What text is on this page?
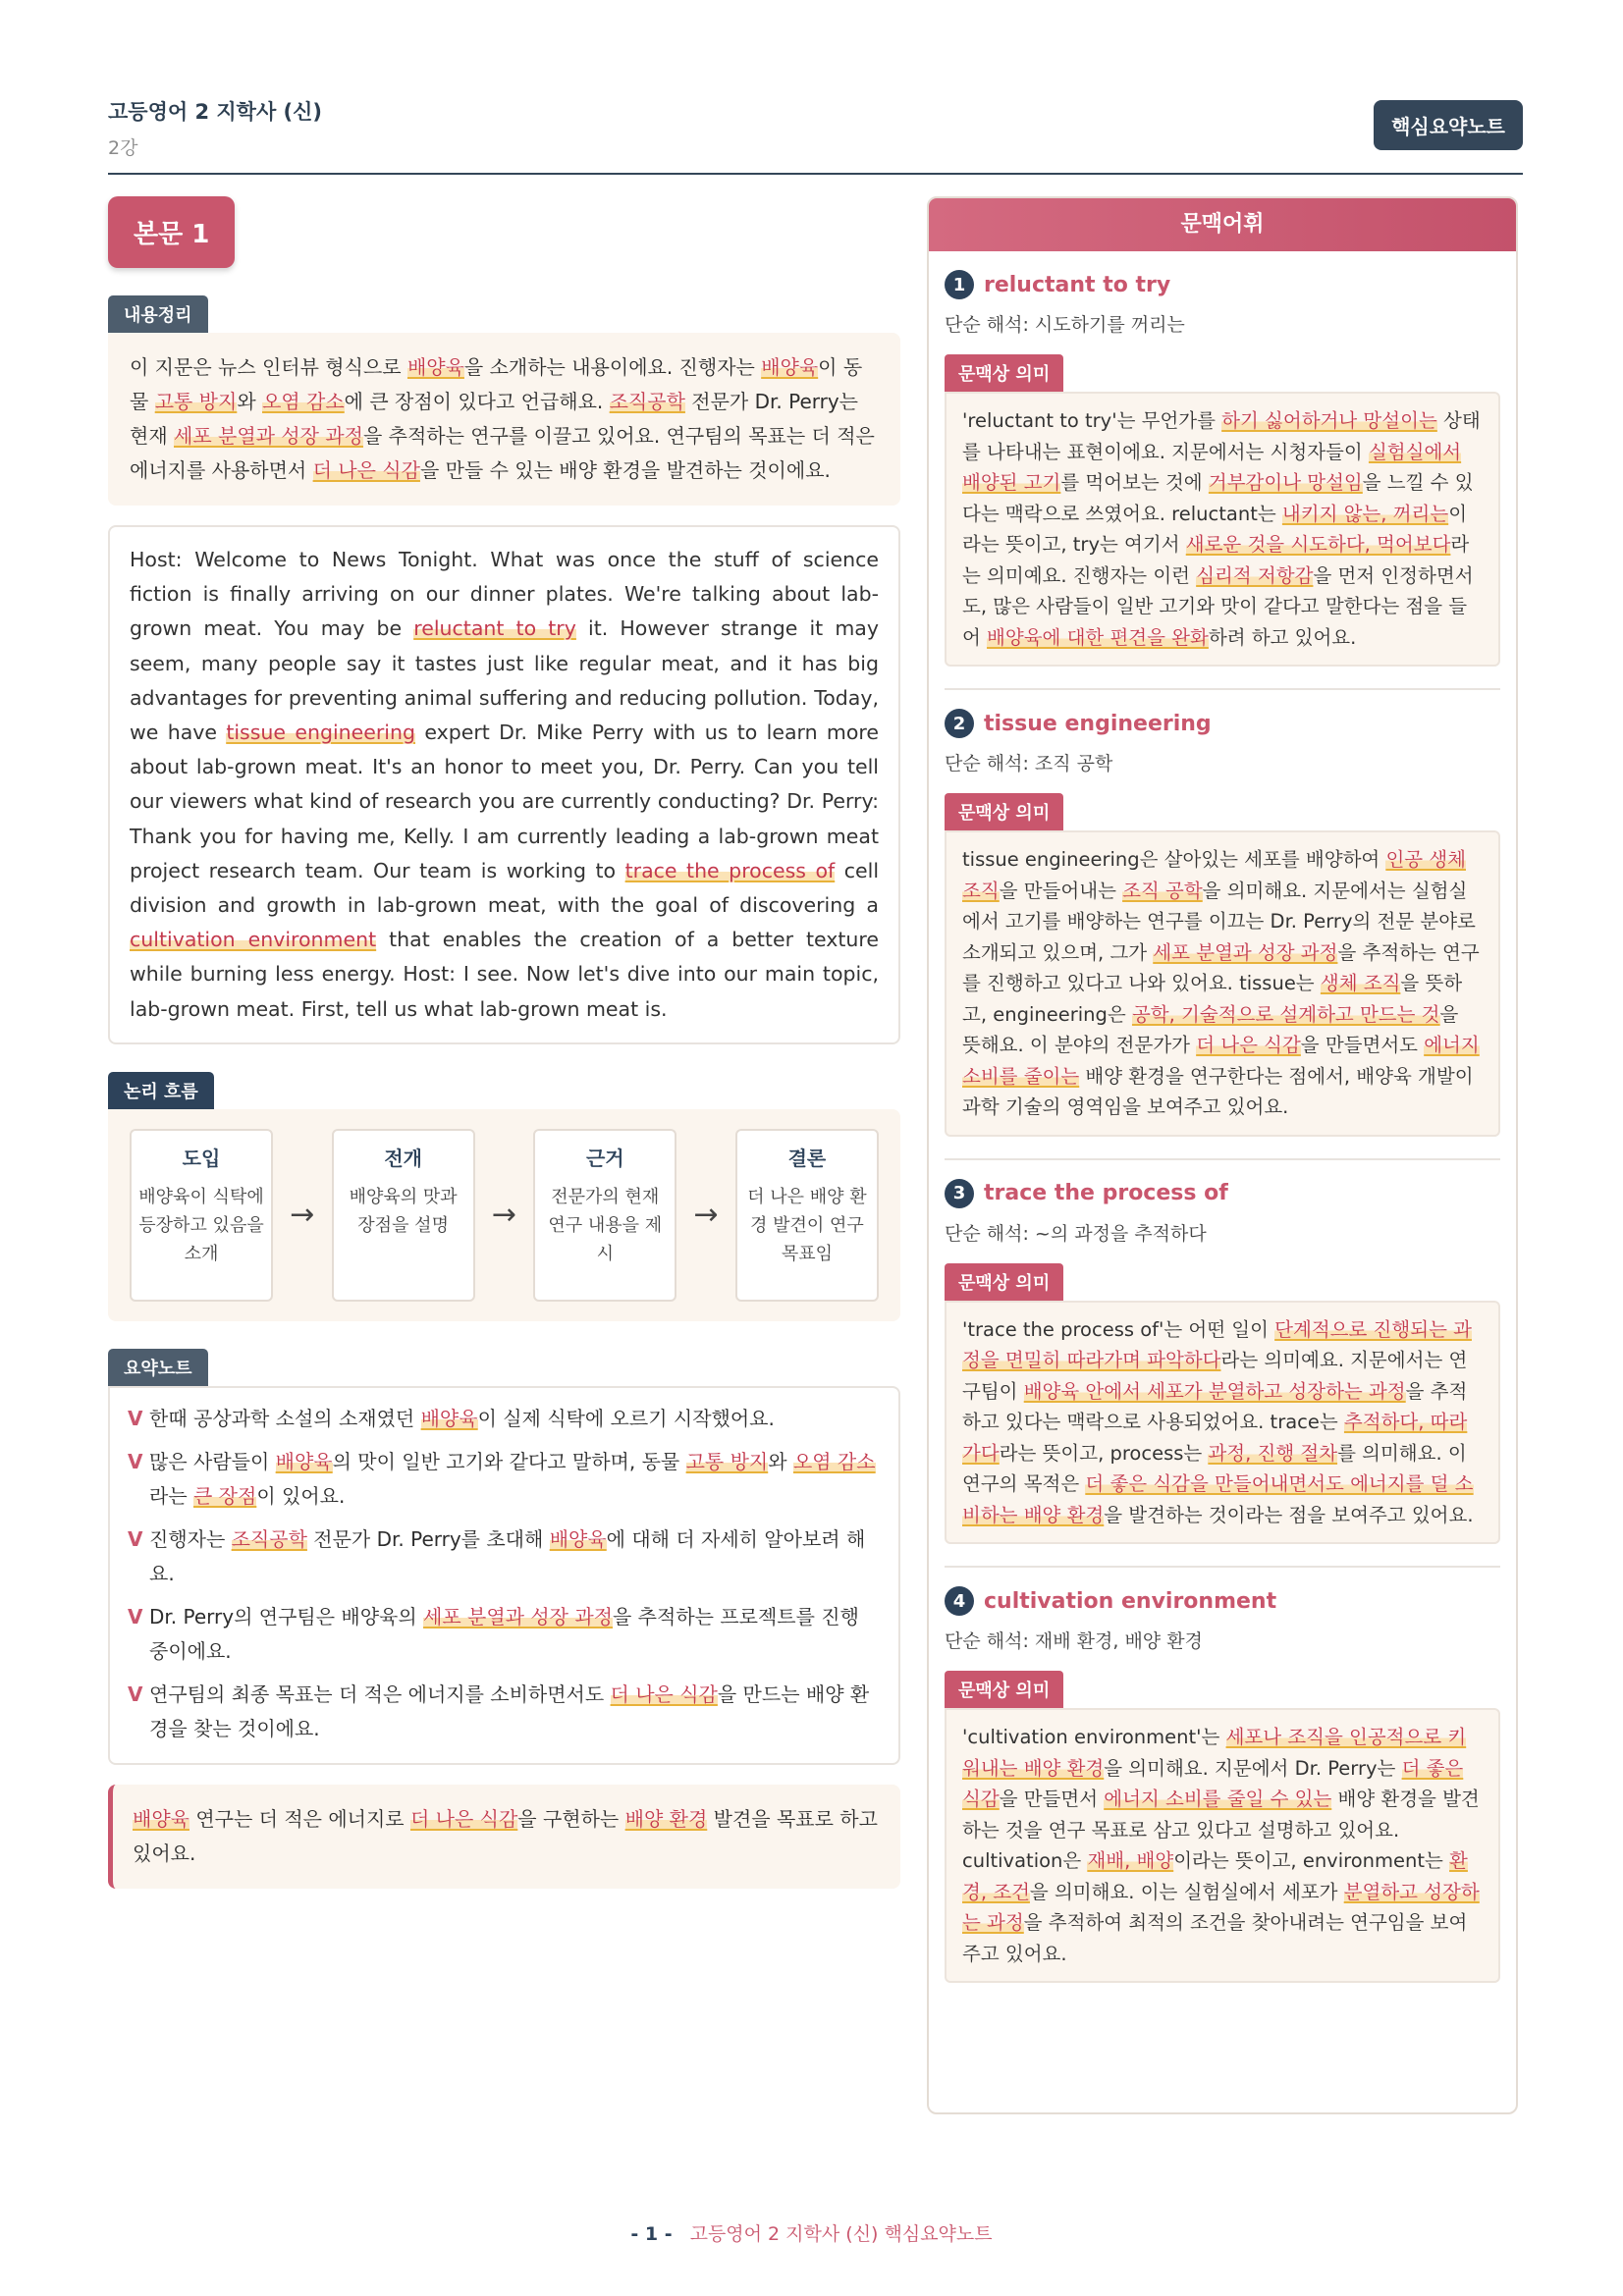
고등영어 2 지학사 (신)
2강
핵심요약노트
본문 1
내용정리
이 지문은 뉴스 인터뷰 형식으로 배양육을 소개하는 내용이에요. 진행자는 배양육이 동물 고통 방지와 오염 감소에 큰 장점이 있다고 언급해요. 조직공학 전문가 Dr. Perry는 현재 세포 분열과 성장 과정을 추적하는 연구를 이끌고 있어요. 연구팀의 목표는 더 적은 에너지를 사용하면서 더 나은 식감을 만들 수 있는 배양 환경을 발견하는 것이에요.

Host: Welcome to News Tonight. What was once the stuff of science fiction is finally arriving on our dinner plates. We're talking about lab-grown meat. You may be reluctant to try it. However strange it may seem, many people say it tastes just like regular meat, and it has big advantages for preventing animal suffering and reducing pollution. Today, we have tissue engineering expert Dr. Mike Perry with us to learn more about lab-grown meat. It's an honor to meet you, Dr. Perry. Can you tell our viewers what kind of research you are currently conducting? Dr. Perry: Thank you for having me, Kelly. I am currently leading a lab-grown meat project research team. Our team is working to trace the process of cell division and growth in lab-grown meat, with the goal of discovering a cultivation environment that enables the creation of a better texture while burning less energy. Host: I see. Now let's dive into our main topic, lab-grown meat. First, tell us what lab-grown meat is.

논리 흐름
도입
배양육이 식탁에 등장하고 있음을 소개
→
전개
배양육의 맛과 장점을 설명	→
근거
전문가의 현재 연구 내용을 제시
→
결론
더 나은 배양 환경 발견이 연구 목표임
요약노트
V 한때 공상과학 소설의 소재였던 배양육이 실제 식탁에 오르기 시작했어요.
V 많은 사람들이 배양육의 맛이 일반 고기와 같다고 말하며, 동물 고통 방지와 오염 감소라는 큰 장점이 있어요.
V 진행자는 조직공학 전문가 Dr. Perry를 초대해 배양육에 대해 더 자세히 알아보려 해요.
V Dr. Perry의 연구팀은 배양육의 세포 분열과 성장 과정을 추적하는 프로젝트를 진행 중이에요.
V 연구팀의 최종 목표는 더 적은 에너지를 소비하면서도 더 나은 식감을 만드는 배양 환경을 찾는 것이에요.
배양육 연구는 더 적은 에너지로 더 나은 식감을 구현하는 배양 환경 발견을 목표로 하고 있어요.
문맥어휘
1 reluctant to try
단순 해석: 시도하기를 꺼리는
문맥상 의미
'reluctant to try'는 무언가를 하기 싫어하거나 망설이는 상태를 나타내는 표현이에요. 지문에서는 시청자들이 실험실에서 배양된 고기를 먹어보는 것에 거부감이나 망설임을 느낄 수 있다는 맥락으로 쓰였어요. reluctant는 내키지 않는, 꺼리는이라는 뜻이고, try는 여기서 새로운 것을 시도하다, 먹어보다라는 의미예요. 진행자는 이런 심리적 저항감을 먼저 인정하면서도, 많은 사람들이 일반 고기와 맛이 같다고 말한다는 점을 들어 배양육에 대한 편견을 완화하려 하고 있어요.
2 tissue engineering
단순 해석: 조직 공학
문맥상 의미
tissue engineering은 살아있는 세포를 배양하여 인공 생체 조직을 만들어내는 조직 공학을 의미해요. 지문에서는 실험실에서 고기를 배양하는 연구를 이끄는 Dr. Perry의 전문 분야로 소개되고 있으며, 그가 세포 분열과 성장 과정을 추적하는 연구를 진행하고 있다고 나와 있어요. tissue는 생체 조직을 뜻하고, engineering은 공학, 기술적으로 설계하고 만드는 것을 뜻해요. 이 분야의 전문가가 더 나은 식감을 만들면서도 에너지 소비를 줄이는 배양 환경을 연구한다는 점에서, 배양육 개발이 과학 기술의 영역임을 보여주고 있어요.
3 trace the process of
단순 해석: ~의 과정을 추적하다
문맥상 의미
'trace the process of'는 어떤 일이 단계적으로 진행되는 과정을 면밀히 따라가며 파악하다라는 의미예요. 지문에서는 연구팀이 배양육 안에서 세포가 분열하고 성장하는 과정을 추적하고 있다는 맥락으로 사용되었어요. trace는 추적하다, 따라가다라는 뜻이고, process는 과정, 진행 절차를 의미해요. 이 연구의 목적은 더 좋은 식감을 만들어내면서도 에너지를 덜 소비하는 배양 환경을 발견하는 것이라는 점을 보여주고 있어요.
4 cultivation environment
단순 해석: 재배 환경, 배양 환경
문맥상 의미
'cultivation environment'는 세포나 조직을 인공적으로 키워내는 배양 환경을 의미해요. 지문에서 Dr. Perry는 더 좋은 식감을 만들면서 에너지 소비를 줄일 수 있는 배양 환경을 발견하는 것을 연구 목표로 삼고 있다고 설명하고 있어요. cultivation은 재배, 배양이라는 뜻이고, environment는 환경, 조건을 의미해요. 이는 실험실에서 세포가 분열하고 성장하는 과정을 추적하여 최적의 조건을 찾아내려는 연구임을 보여주고 있어요.
- 1 - 고등영어 2 지학사 (신) 핵심요약노트
